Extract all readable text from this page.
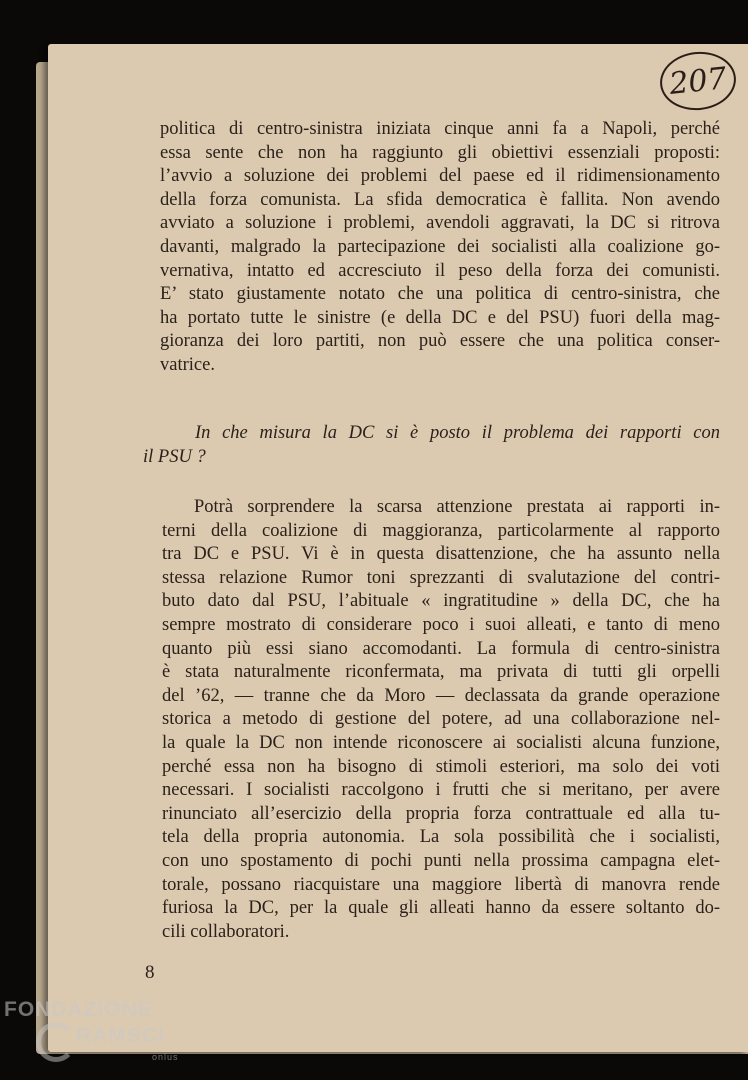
207
politica di centro-sinistra iniziata cinque anni fa a Napoli, perché
essa sente che non ha raggiunto gli obiettivi essenziali proposti:
l’avvio a soluzione dei problemi del paese ed il ridimensionamento
della forza comunista. La sfida democratica è fallita. Non avendo
avviato a soluzione i problemi, avendoli aggravati, la DC si ritrova
davanti, malgrado la partecipazione dei socialisti alla coalizione go-
vernativa, intatto ed accresciuto il peso della forza dei comunisti.
E’ stato giustamente notato che una politica di centro-sinistra, che
ha portato tutte le sinistre (e della DC e del PSU) fuori della mag-
gioranza dei loro partiti, non può essere che una politica conser-
vatrice.
In che misura la DC si è posto il problema dei rapporti con
il PSU ?
Potrà sorprendere la scarsa attenzione prestata ai rapporti in-
terni della coalizione di maggioranza, particolarmente al rapporto
tra DC e PSU. Vi è in questa disattenzione, che ha assunto nella
stessa relazione Rumor toni sprezzanti di svalutazione del contri-
buto dato dal PSU, l’abituale « ingratitudine » della DC, che ha
sempre mostrato di considerare poco i suoi alleati, e tanto di meno
quanto più essi siano accomodanti. La formula di centro-sinistra
è stata naturalmente riconfermata, ma privata di tutti gli orpelli
del ’62, — tranne che da Moro — declassata da grande operazione
storica a metodo di gestione del potere, ad una collaborazione nel-
la quale la DC non intende riconoscere ai socialisti alcuna funzione,
perché essa non ha bisogno di stimoli esteriori, ma solo dei voti
necessari. I socialisti raccolgono i frutti che si meritano, per avere
rinunciato all’esercizio della propria forza contrattuale ed alla tu-
tela della propria autonomia. La sola possibilità che i socialisti,
con uno spostamento di pochi punti nella prossima campagna elet-
torale, possano riacquistare una maggiore libertà di manovra rende
furiosa la DC, per la quale gli alleati hanno da essere soltanto do-
cili collaboratori.
8
FONDAZIONE
RAMSCI
onlus
